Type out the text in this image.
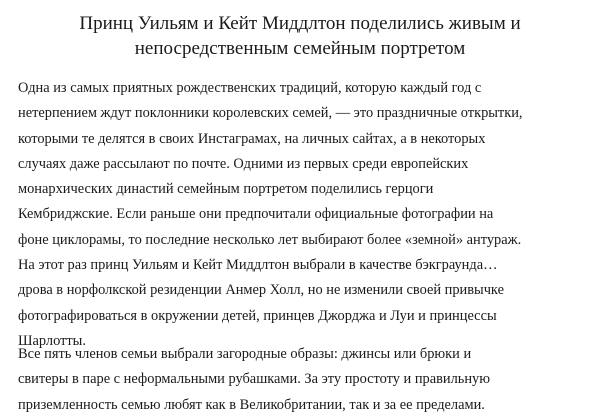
Принц Уильям и Кейт Миддлтон поделились живым и
непосредственным семейным портретом

Одна из самых приятных рождественских традиций, которую каждый год с
нетерпением ждут поклонники королевских семей, — это праздничные открытки,
которыми те делятся в своих Инстаграмах, на личных сайтах, а в некоторых
случаях даже рассылают по почте. Одними из первых среди европейских
монархических династий семейным портретом поделились герцоги
Кембриджские. Если раньше они предпочитали официальные фотографии на
фоне циклорамы, то последние несколько лет выбирают более «земной» антураж.
На этот раз принц Уильям и Кейт Миддлтон выбрали в качестве бэкграунда…
дрова в норфолкской резиденции Анмер Холл, но не изменили своей привычке
фотографироваться в окружении детей, принцев Джорджа и Луи и принцессы
Шарлотты.

Все пять членов семьи выбрали загородные образы: джинсы или брюки и
свитеры в паре с неформальными рубашками. За эту простоту и правильную
приземленность семью любят как в Великобритании, так и за ее пределами.
